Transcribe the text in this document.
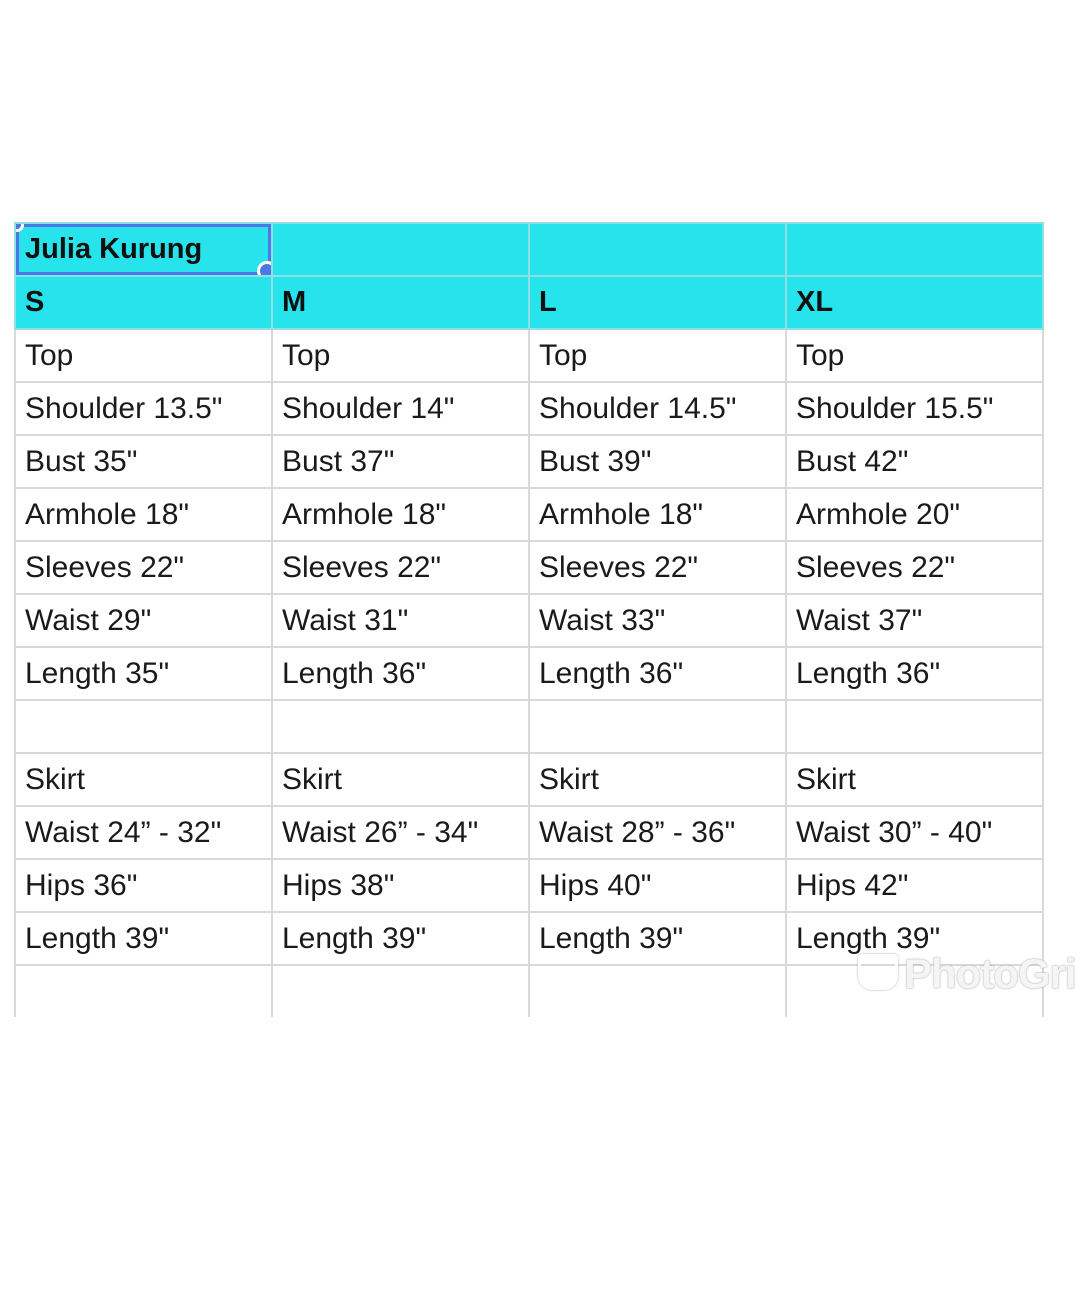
Julia Kurung

S	M	L	XL
Top	Top	Top	Top
Shoulder 13.5"	Shoulder 14"	Shoulder 14.5"	Shoulder 15.5"
Bust 35"	Bust 37"	Bust 39"	Bust 42"
Armhole 18"	Armhole 18"	Armhole 18"	Armhole 20"
Sleeves 22"	Sleeves 22"	Sleeves 22"	Sleeves 22"
Waist 29"	Waist 31"	Waist 33"	Waist 37"
Length 35"	Length 36"	Length 36"	Length 36"

Skirt	Skirt	Skirt	Skirt
Waist 24” - 32"	Waist 26” - 34"	Waist 28” - 36"	Waist 30” - 40"
Hips 36"	Hips 38"	Hips 40"	Hips 42"
Length 39"	Length 39"	Length 39"	Length 39"

PhotoGri
